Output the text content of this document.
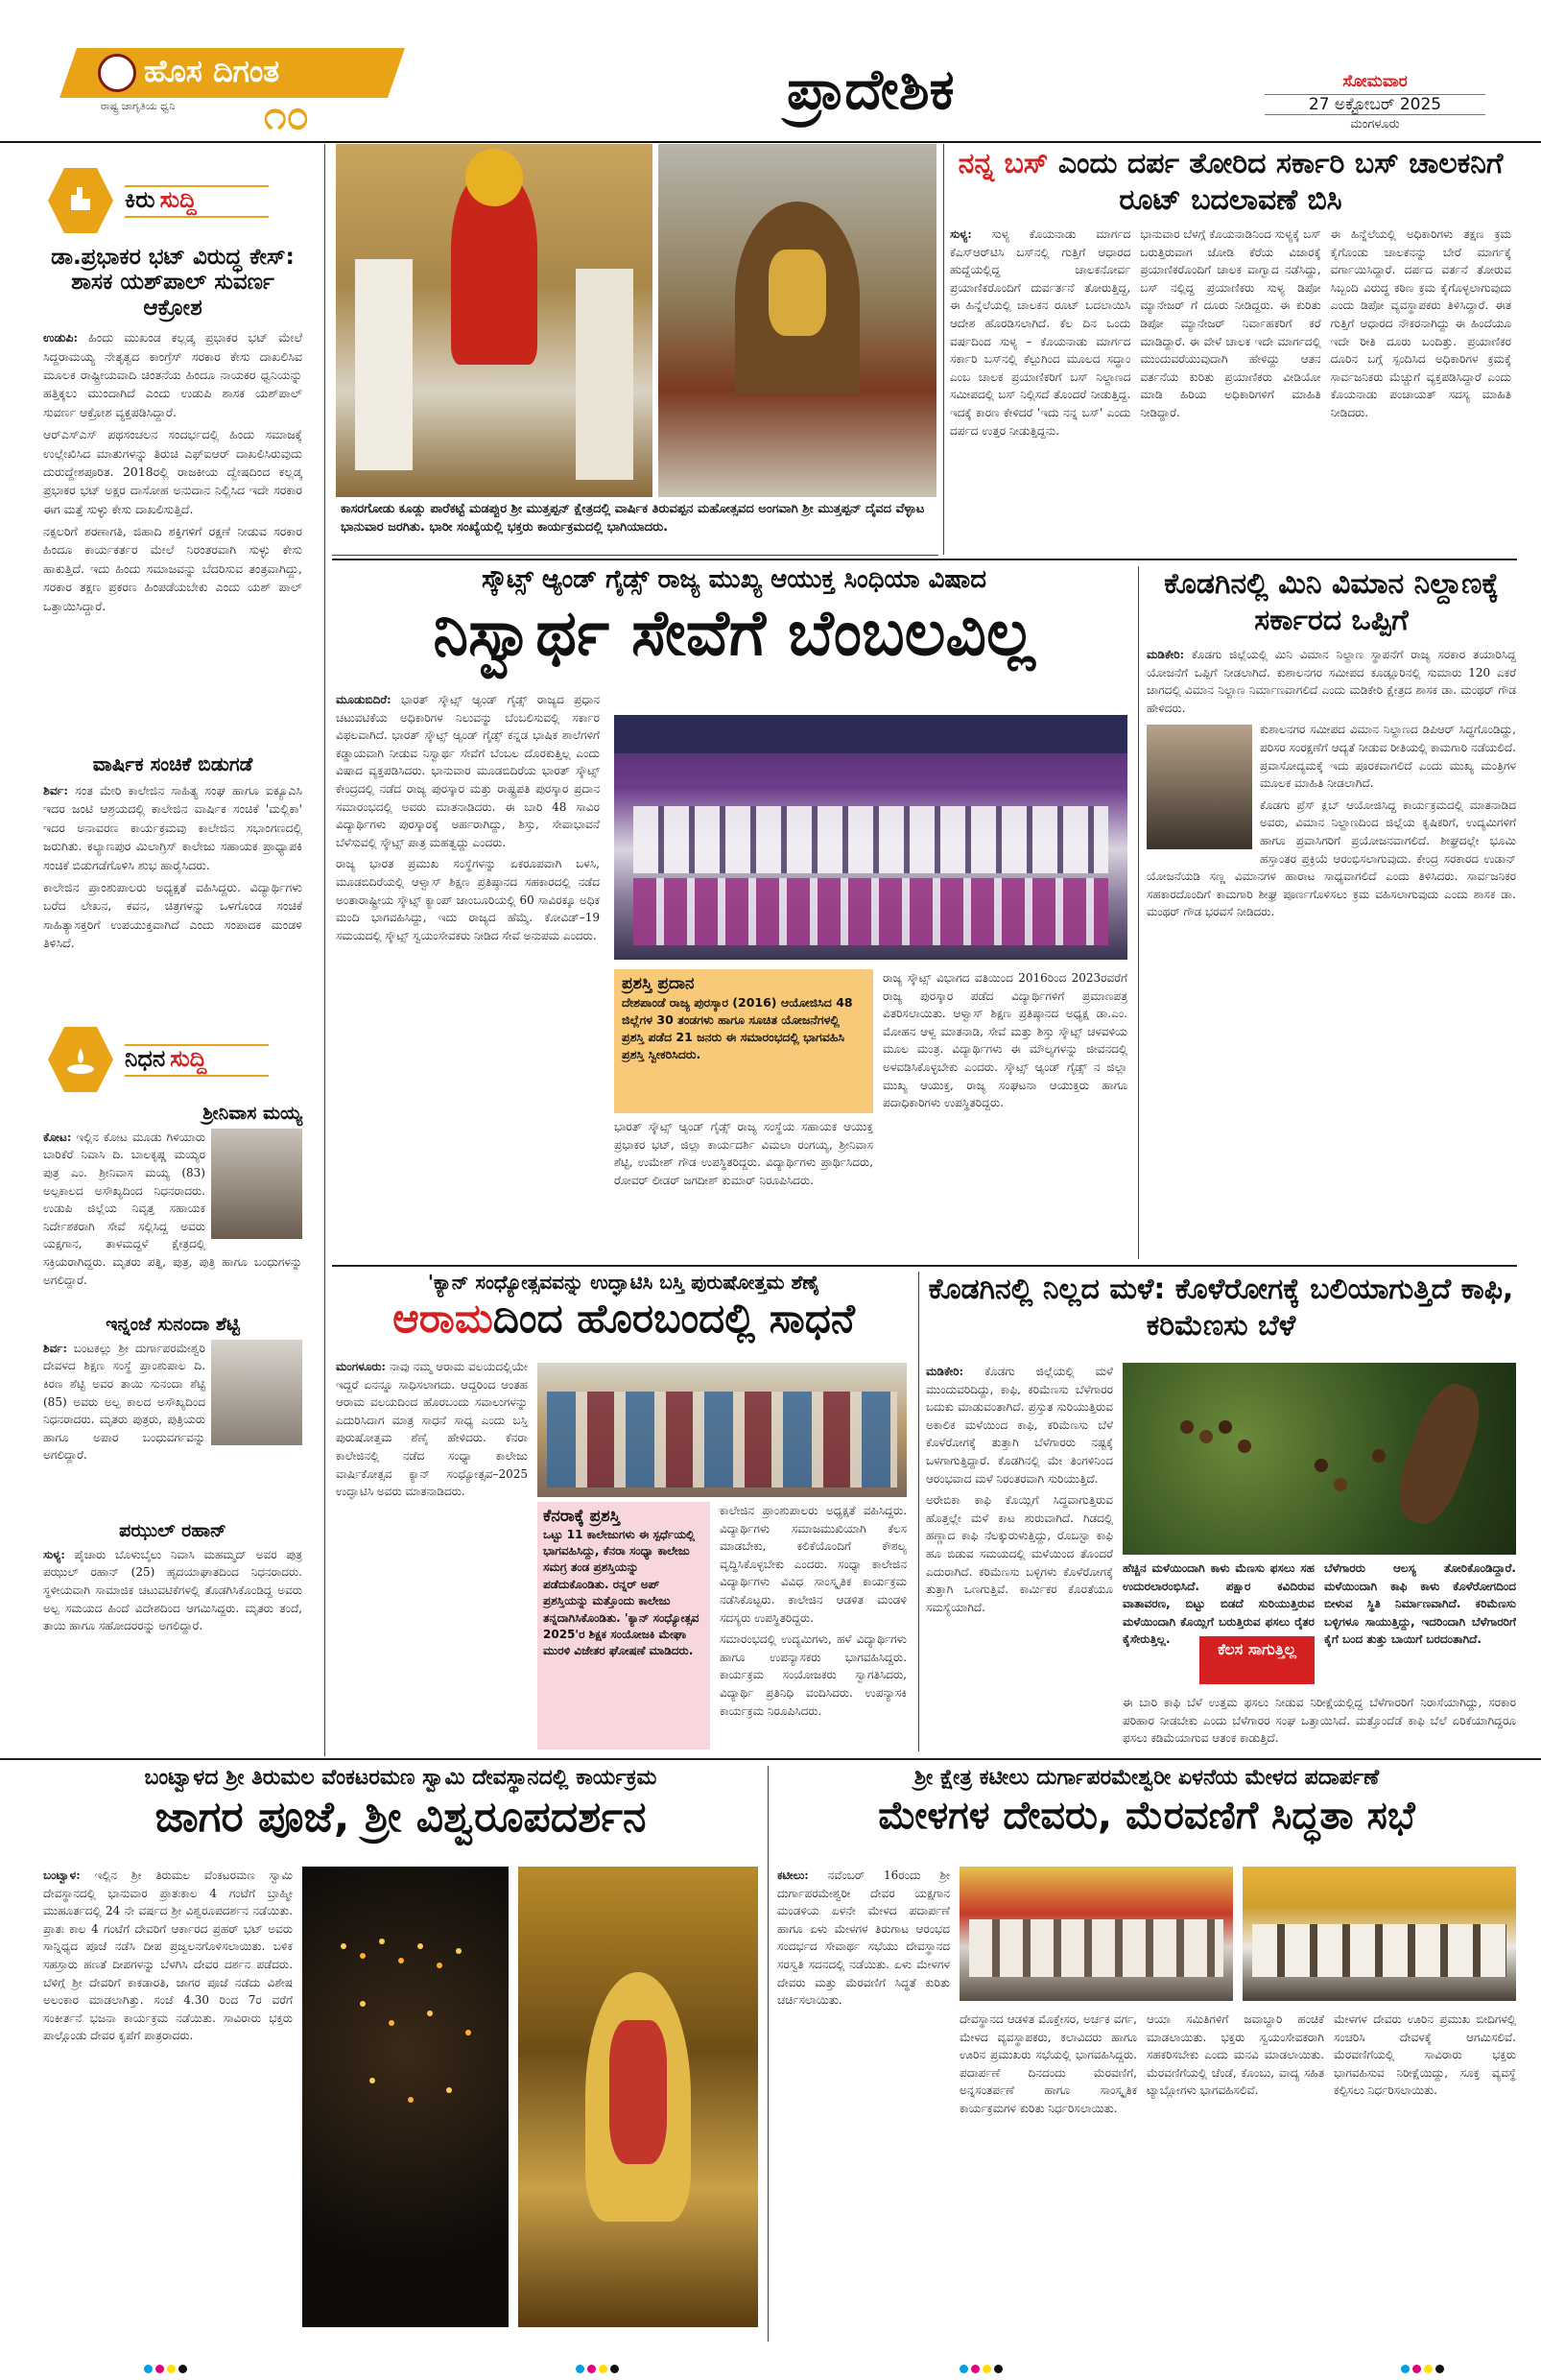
ಹೊಸ ದಿಗಂತ
ರಾಷ್ಟ್ರ ಜಾಗೃತಿಯ ಧ್ವನಿ ೧೦	ಪ್ರಾದೇಶಿಕ	ಸೋಮವಾರ
27 ಅಕ್ಟೋಬರ್ 2025
ಮಂಗಳೂರು
ಕಿರು ಸುದ್ದಿ
ಡಾ.ಪ್ರಭಾಕರ ಭಟ್ ವಿರುದ್ಧ ಕೇಸ್: ಶಾಸಕ ಯಶ್‌ಪಾಲ್ ಸುವರ್ಣ ಆಕ್ರೋಶ

ಉಡುಪಿ: ಹಿಂದು ಮುಖಂಡ ಕಲ್ಲಡ್ಕ ಪ್ರಭಾಕರ ಭಟ್ ಮೇಲೆ ಸಿದ್ದರಾಮಯ್ಯ ನೇತೃತ್ವದ ಕಾಂಗ್ರೆಸ್ ಸರಕಾರ ಕೇಸು ದಾಖಲಿಸಿವ ಮೂಲಕ ರಾಷ್ಟ್ರೀಯವಾದಿ ಚಿಂತನೆಯ ಹಿಂದೂ ನಾಯಕರ ಧ್ವನಿಯನ್ನು ಹತ್ತಿಕ್ಕಲು ಮುಂದಾಗಿದೆ ಎಂದು ಉಡುಪಿ ಶಾಸಕ ಯಶ್‌ಪಾಲ್ ಸುವರ್ಣ ಆಕ್ರೋಶ ವ್ಯಕ್ತಪಡಿಸಿದ್ದಾರೆ.

ಆರ್‌ಎಸ್‌ಎಸ್ ಪಥಸಂಚಲನ ಸಂದರ್ಭದಲ್ಲಿ ಹಿಂದು ಸಮಾಜಕ್ಕೆ ಉಲ್ಲೇಖಿಸಿದ ಮಾತುಗಳನ್ನು ತಿರುಚಿ ಎಫ್‌ಐಆರ್ ದಾಖಲಿಸಿರುವುದು ದುರುದ್ದೇಶಪೂರಿತ. 2018ರಲ್ಲಿ ರಾಜಕೀಯ ದ್ವೇಷದಿಂದ ಕಲ್ಲಡ್ಕ ಪ್ರಭಾಕರ ಭಟ್ ಅಕ್ಷರ ದಾಸೋಹ ಅನುದಾನ ನಿಲ್ಲಿಸಿದ ಇದೇ ಸರಕಾರ ಈಗ ಮತ್ತೆ ಸುಳ್ಳು ಕೇಸು ದಾಖಲಿಸುತ್ತಿದೆ.

ನಕ್ಸಲರಿಗೆ ಶರಣಾಗತಿ, ಜಿಹಾದಿ ಶಕ್ತಿಗಳಿಗೆ ರಕ್ಷಣೆ ನೀಡುವ ಸರಕಾರ ಹಿಂದೂ ಕಾರ್ಯಕರ್ತರ ಮೇಲೆ ನಿರಂತರವಾಗಿ ಸುಳ್ಳು ಕೇಸು ಹಾಕುತ್ತಿದೆ. ಇದು ಹಿಂದು ಸಮಾಜವನ್ನು ಬೆದರಿಸುವ ತಂತ್ರವಾಗಿದ್ದು, ಸರಕಾರ ತಕ್ಷಣ ಪ್ರಕರಣ ಹಿಂಪಡೆಯಬೇಕು ಎಂದು ಯಶ್ ಪಾಲ್ ಒತ್ತಾಯಿಸಿದ್ದಾರೆ.

ವಾರ್ಷಿಕ ಸಂಚಿಕೆ ಬಿಡುಗಡೆ

ಶಿರ್ವ: ಸಂತ ಮೇರಿ ಕಾಲೇಜಿನ ಸಾಹಿತ್ಯ ಸಂಘ ಹಾಗೂ ಐಕ್ಯೂಎಸಿ ಇದರ ಜಂಟಿ ಆಶ್ರಯದಲ್ಲಿ ಕಾಲೇಜಿನ ವಾರ್ಷಿಕ ಸಂಚಿಕೆ 'ಮಲ್ಲಿಕಾ' ಇದರ ಅನಾವರಣ ಕಾರ್ಯಕ್ರಮವು ಕಾಲೇಜಿನ ಸಭಾಂಗಣದಲ್ಲಿ ಜರುಗಿತು. ಕಲ್ಯಾಣಪುರ ಮಿಲಾಗ್ರಿಸ್ ಕಾಲೇಜು ಸಹಾಯಕ ಪ್ರಾಧ್ಯಾಪಕಿ ಸಂಚಿಕೆ ಬಿಡುಗಡೆಗೊಳಿಸಿ ಶುಭ ಹಾರೈಸಿದರು.

ಕಾಲೇಜಿನ ಪ್ರಾಂಶುಪಾಲರು ಅಧ್ಯಕ್ಷತೆ ವಹಿಸಿದ್ದರು. ವಿದ್ಯಾರ್ಥಿಗಳು ಬರೆದ ಲೇಖನ, ಕವನ, ಚಿತ್ರಗಳನ್ನು ಒಳಗೊಂಡ ಸಂಚಿಕೆ ಸಾಹಿತ್ಯಾಸಕ್ತರಿಗೆ ಉಪಯುಕ್ತವಾಗಿದೆ ಎಂದು ಸಂಪಾದಕ ಮಂಡಳಿ ತಿಳಿಸಿದೆ.

ನಿಧನ ಸುದ್ದಿ
ಶ್ರೀನಿವಾಸ ಮಯ್ಯ
ಕೋಟ: ಇಲ್ಲಿನ ಕೋಟ ಮೂಡು ಗಿಳಿಯಾರು ಬಾರಿಕೆರೆ ನಿವಾಸಿ ದಿ. ಬಾಲಕೃಷ್ಣ ಮಯ್ಯರ ಪುತ್ರ ಎಂ. ಶ್ರೀನಿವಾಸ ಮಯ್ಯ (83) ಅಲ್ಪಕಾಲದ ಅಸೌಖ್ಯದಿಂದ ನಿಧನರಾದರು. ಉಡುಪಿ ಜಿಲ್ಲೆಯ ನಿವೃತ್ತ ಸಹಾಯಕ ನಿರ್ದೇಶಕರಾಗಿ ಸೇವೆ ಸಲ್ಲಿಸಿದ್ದ ಅವರು ಯಕ್ಷಗಾನ, ತಾಳಮದ್ದಳೆ ಕ್ಷೇತ್ರದಲ್ಲಿ ಸಕ್ರಿಯರಾಗಿದ್ದರು. ಮೃತರು ಪತ್ನಿ, ಪುತ್ರ, ಪುತ್ರಿ ಹಾಗೂ ಬಂಧುಗಳನ್ನು ಅಗಲಿದ್ದಾರೆ.
ಇನ್ನಂಜೆ ಸುನಂದಾ ಶೆಟ್ಟಿ
ಶಿರ್ವ: ಬಂಟಕಲ್ಲು ಶ್ರೀ ದುರ್ಗಾಪರಮೇಶ್ವರಿ ದೇವಳದ ಶಿಕ್ಷಣ ಸಂಸ್ಥೆ ಪ್ರಾಂಶುಪಾಲ ದಿ. ಕಿರಣ ಶೆಟ್ಟಿ ಅವರ ತಾಯಿ ಸುನಂದಾ ಶೆಟ್ಟಿ (85) ಅವರು ಅಲ್ಪ ಕಾಲದ ಅಸೌಖ್ಯದಿಂದ ನಿಧನರಾದರು. ಮೃತರು ಪುತ್ರರು, ಪುತ್ರಿಯರು ಹಾಗೂ ಅಪಾರ ಬಂಧುವರ್ಗವನ್ನು ಅಗಲಿದ್ದಾರೆ.
ಪಝುಲ್ ರಹಾನ್
ಸುಳ್ಯ: ಪೈಚಾರು ಬೊಳುಬೈಲು ನಿವಾಸಿ ಮಹಮ್ಮದ್ ಅವರ ಪುತ್ರ ಪಝುಲ್ ರಹಾನ್ (25) ಹೃದಯಾಘಾತದಿಂದ ನಿಧನರಾದರು. ಸ್ಥಳೀಯವಾಗಿ ಸಾಮಾಜಿಕ ಚಟುವಟಿಕೆಗಳಲ್ಲಿ ತೊಡಗಿಸಿಕೊಂಡಿದ್ದ ಅವರು ಅಲ್ಪ ಸಮಯದ ಹಿಂದೆ ವಿದೇಶದಿಂದ ಆಗಮಿಸಿದ್ದರು. ಮೃತರು ತಂದೆ, ತಾಯಿ ಹಾಗೂ ಸಹೋದರರನ್ನು ಅಗಲಿದ್ದಾರೆ.
ಕಾಸರಗೋಡು ಕೂಡ್ಲು ಪಾರೆಕಟ್ಟೆ ಮಡಪ್ಪುರ ಶ್ರೀ ಮುತ್ತಪ್ಪನ್ ಕ್ಷೇತ್ರದಲ್ಲಿ ವಾರ್ಷಿಕ ತಿರುವಪ್ಪನ ಮಹೋತ್ಸವದ ಅಂಗವಾಗಿ ಶ್ರೀ ಮುತ್ತಪ್ಪನ್ ದೈವದ ವೆಳ್ಳಾಟ ಭಾನುವಾರ ಜರಗಿತು. ಭಾರೀ ಸಂಖ್ಯೆಯಲ್ಲಿ ಭಕ್ತರು ಕಾರ್ಯಕ್ರಮದಲ್ಲಿ ಭಾಗಿಯಾದರು.
ನನ್ನ ಬಸ್ ಎಂದು ದರ್ಪ ತೋರಿದ ಸರ್ಕಾರಿ ಬಸ್ ಚಾಲಕನಿಗೆ ರೂಟ್ ಬದಲಾವಣೆ ಬಿಸಿ
ಸುಳ್ಯ: ಸುಳ್ಯ ಕೊಯನಾಡು ಮಾರ್ಗದ ಕೆಎಸ್‌ಆರ್‌ಟಿಸಿ ಬಸ್‌ನಲ್ಲಿ ಗುತ್ತಿಗೆ ಆಧಾರದ ಹುದ್ದೆಯಲ್ಲಿದ್ದ ಚಾಲಕನೋರ್ವ ಪ್ರಯಾಣಿಕರೊಂದಿಗೆ ದುರ್ವರ್ತನೆ ತೋರುತ್ತಿದ್ದ, ಈ ಹಿನ್ನೆಲೆಯಲ್ಲಿ ಚಾಲಕನ ರೂಟ್ ಬದಲಾಯಿಸಿ ಆದೇಶ ಹೊರಡಿಸಲಾಗಿದೆ. ಕೆಲ ದಿನ ಒಂದು ವರ್ಷದಿಂದ ಸುಳ್ಯ – ಕೊಯನಾಡು ಮಾರ್ಗದ ಸರ್ಕಾರಿ ಬಸ್‌ನಲ್ಲಿ ಕೆಲ್ಪುಗಿಂದ ಮೂಲದ ಸದ್ಧಾಂ ಎಂಬ ಚಾಲಕ ಪ್ರಯಾಣಿಕರಿಗೆ ಬಸ್ ನಿಲ್ದಾಣದ ಸಮೀಪದಲ್ಲಿ ಬಸ್ ನಿಲ್ಲಿಸದೆ ತೊಂದರೆ ನೀಡುತ್ತಿದ್ದ. ಇದಕ್ಕೆ ಕಾರಣ ಕೇಳಿದರೆ 'ಇದು ನನ್ನ ಬಸ್' ಎಂದು ದರ್ಪದ ಉತ್ತರ ನೀಡುತ್ತಿದ್ದನು.
ಭಾನುವಾರ ಬೆಳಗ್ಗೆ ಕೊಯನಾಡಿನಿಂದ ಸುಳ್ಯಕ್ಕೆ ಬಸ್ ಬರುತ್ತಿರುವಾಗ ಜೋಡಿ ಕೆರೆಯ ವಿಜಾರಕ್ಕೆ ಪ್ರಯಾಣಿಕರೊಂದಿಗೆ ಚಾಲಕ ವಾಗ್ವಾದ ನಡೆಸಿದ್ದು, ಬಸ್ ನಲ್ಲಿದ್ದ ಪ್ರಯಾಣಿಕರು ಸುಳ್ಯ ಡಿಪೋ ಮ್ಯಾನೇಜರ್ ಗೆ ದೂರು ನೀಡಿದ್ದರು. ಈ ಕುರಿತು ಡಿಪೋ ಮ್ಯಾನೇಜರ್ ನಿರ್ವಾಹಕರಿಗೆ ಕರೆ ಮಾಡಿದ್ದಾರೆ. ಈ ವೇಳೆ ಚಾಲಕ ಇದೇ ಮಾರ್ಗದಲ್ಲಿ ಮುಂದುವರೆಯುವುದಾಗಿ ಹೇಳಿದ್ದು ಆತನ ವರ್ತನೆಯ ಕುರಿತು ಪ್ರಯಾಣಿಕರು ವೀಡಿಯೋ ಮಾಡಿ ಹಿರಿಯ ಅಧಿಕಾರಿಗಳಿಗೆ ಮಾಹಿತಿ ನೀಡಿದ್ದಾರೆ.
ಈ ಹಿನ್ನೆಲೆಯಲ್ಲಿ ಅಧಿಕಾರಿಗಳು ತಕ್ಷಣ ಕ್ರಮ ಕೈಗೊಂಡು ಚಾಲಕನನ್ನು ಬೇರೆ ಮಾರ್ಗಕ್ಕೆ ವರ್ಗಾಯಿಸಿದ್ದಾರೆ. ದರ್ಪದ ವರ್ತನೆ ತೋರುವ ಸಿಬ್ಬಂದಿ ವಿರುದ್ಧ ಕಠಿಣ ಕ್ರಮ ಕೈಗೊಳ್ಳಲಾಗುವುದು ಎಂದು ಡಿಪೋ ವ್ಯವಸ್ಥಾಪಕರು ತಿಳಿಸಿದ್ದಾರೆ. ಈತ ಗುತ್ತಿಗೆ ಆಧಾರದ ನೌಕರನಾಗಿದ್ದು ಈ ಹಿಂದೆಯೂ ಇದೇ ರೀತಿ ದೂರು ಬಂದಿತ್ತು. ಪ್ರಯಾಣಿಕರ ದೂರಿನ ಬಗ್ಗೆ ಸ್ಪಂದಿಸಿದ ಅಧಿಕಾರಿಗಳ ಕ್ರಮಕ್ಕೆ ಸಾರ್ವಜನಿಕರು ಮೆಚ್ಚುಗೆ ವ್ಯಕ್ತಪಡಿಸಿದ್ದಾರೆ ಎಂದು ಕೊಯನಾಡು ಪಂಚಾಯತ್ ಸದಸ್ಯ ಮಾಹಿತಿ ನೀಡಿದರು.
ಸ್ಕೌಟ್ಸ್ ಆ್ಯಂಡ್ ಗೈಡ್ಸ್ ರಾಜ್ಯ ಮುಖ್ಯ ಆಯುಕ್ತ ಸಿಂಧಿಯಾ ವಿಷಾದ
ನಿಸ್ವಾರ್ಥ ಸೇವೆಗೆ ಬೆಂಬಲವಿಲ್ಲ

ಮೂಡುಬಿದಿರೆ: ಭಾರತ್ ಸ್ಕೌಟ್ಸ್ ಆ್ಯಂಡ್ ಗೈಡ್ಸ್ ರಾಜ್ಯದ ಪ್ರಧಾನ ಚಟುವಟಿಕೆಯ ಅಧಿಕಾರಿಗಳ ನಿಲುವನ್ನು ಬೆಂಬಲಿಸುವಲ್ಲಿ ಸರ್ಕಾರ ವಿಫಲವಾಗಿದೆ. ಭಾರತ್ ಸ್ಕೌಟ್ಸ್ ಆ್ಯಂಡ್ ಗೈಡ್ಸ್ ಕನ್ನಡ ಭಾಷಿಕ ಶಾಲೆಗಳಿಗೆ ಕಡ್ಡಾಯವಾಗಿ ನೀಡುವ ನಿಸ್ವಾರ್ಥ ಸೇವೆಗೆ ಬೆಂಬಲ ದೊರಕುತ್ತಿಲ್ಲ ಎಂದು ವಿಷಾದ ವ್ಯಕ್ತಪಡಿಸಿದರು. ಭಾನುವಾರ ಮೂಡಬಿದಿರೆಯ ಭಾರತ್ ಸ್ಕೌಟ್ಸ್ ಕೇಂದ್ರದಲ್ಲಿ ನಡೆದ ರಾಜ್ಯ ಪುರಸ್ಕಾರ ಮತ್ತು ರಾಷ್ಟ್ರಪತಿ ಪುರಸ್ಕಾರ ಪ್ರದಾನ ಸಮಾರಂಭದಲ್ಲಿ ಅವರು ಮಾತನಾಡಿದರು. ಈ ಬಾರಿ 48 ಸಾವಿರ ವಿದ್ಯಾರ್ಥಿಗಳು ಪುರಸ್ಕಾರಕ್ಕೆ ಅರ್ಹರಾಗಿದ್ದು, ಶಿಸ್ತು, ಸೇವಾಭಾವನೆ ಬೆಳೆಸುವಲ್ಲಿ ಸ್ಕೌಟ್ಸ್ ಪಾತ್ರ ಮಹತ್ವದ್ದು ಎಂದರು.

ರಾಜ್ಯ ಭಾರತ ಪ್ರಮುಖ ಸಂಸ್ಥೆಗಳನ್ನು ಏಕರೂಪವಾಗಿ ಬಳಸಿ, ಮೂಡಬಿದಿರೆಯಲ್ಲಿ ಆಳ್ವಾಸ್ ಶಿಕ್ಷಣ ಪ್ರತಿಷ್ಠಾನದ ಸಹಕಾರದಲ್ಲಿ ನಡೆದ ಅಂತಾರಾಷ್ಟ್ರೀಯ ಸ್ಕೌಟ್ಸ್ ಕ್ಯಾಂಪ್ ಜಾಂಬೂರಿಯಲ್ಲಿ 60 ಸಾವಿರಕ್ಕೂ ಅಧಿಕ ಮಂದಿ ಭಾಗವಹಿಸಿದ್ದು, ಇದು ರಾಜ್ಯದ ಹೆಮ್ಮೆ. ಕೋವಿಡ್–19 ಸಮಯದಲ್ಲಿ ಸ್ಕೌಟ್ಸ್ ಸ್ವಯಂಸೇವಕರು ನೀಡಿದ ಸೇವೆ ಅನುಪಮ ಎಂದರು.

ಪ್ರಶಸ್ತಿ ಪ್ರದಾನ
ದೇಶಪಾಂಡೆ ರಾಜ್ಯ ಪುರಸ್ಕಾರ (2016) ಆಯೋಜಿಸಿದ 48 ಜಿಲ್ಲೆಗಳ 30 ತಂಡಗಳು ಹಾಗೂ ಸೂಚಿತ ಯೋಜನೆಗಳಲ್ಲಿ ಪ್ರಶಸ್ತಿ ಪಡೆದ 21 ಜನರು ಈ ಸಮಾರಂಭದಲ್ಲಿ ಭಾಗವಹಿಸಿ ಪ್ರಶಸ್ತಿ ಸ್ವೀಕರಿಸಿದರು.
ಭಾರತ್ ಸ್ಕೌಟ್ಸ್ ಆ್ಯಂಡ್ ಗೈಡ್ಸ್ ರಾಜ್ಯ ಸಂಸ್ಥೆಯ ಸಹಾಯಕ ಆಯುಕ್ತ ಪ್ರಭಾಕರ ಭಟ್, ಜಿಲ್ಲಾ ಕಾರ್ಯದರ್ಶಿ ವಿಮಲಾ ರಂಗಯ್ಯ, ಶ್ರೀನಿವಾಸ ಶೆಟ್ಟಿ, ಉಮೇಶ್ ಗೌಡ ಉಪಸ್ಥಿತರಿದ್ದರು. ವಿದ್ಯಾರ್ಥಿಗಳು ಪ್ರಾರ್ಥಿಸಿದರು, ರೋವರ್ ಲೀಡರ್ ಜಗದೀಶ್ ಕುಮಾರ್ ನಿರೂಪಿಸಿದರು.
ರಾಜ್ಯ ಸ್ಕೌಟ್ಸ್ ವಿಭಾಗದ ವತಿಯಿಂದ 2016ರಿಂದ 2023ರವರೆಗೆ ರಾಜ್ಯ ಪುರಸ್ಕಾರ ಪಡೆದ ವಿದ್ಯಾರ್ಥಿಗಳಿಗೆ ಪ್ರಮಾಣಪತ್ರ ವಿತರಿಸಲಾಯಿತು. ಆಳ್ವಾಸ್ ಶಿಕ್ಷಣ ಪ್ರತಿಷ್ಠಾನದ ಅಧ್ಯಕ್ಷ ಡಾ.ಎಂ. ಮೋಹನ ಆಳ್ವ ಮಾತನಾಡಿ, ಸೇವೆ ಮತ್ತು ಶಿಸ್ತು ಸ್ಕೌಟ್ಸ್ ಚಳವಳಿಯ ಮೂಲ ಮಂತ್ರ. ವಿದ್ಯಾರ್ಥಿಗಳು ಈ ಮೌಲ್ಯಗಳನ್ನು ಜೀವನದಲ್ಲಿ ಅಳವಡಿಸಿಕೊಳ್ಳಬೇಕು ಎಂದರು. ಸ್ಕೌಟ್ಸ್ ಆ್ಯಂಡ್ ಗೈಡ್ಸ್ ನ ಜಿಲ್ಲಾ ಮುಖ್ಯ ಆಯುಕ್ತ, ರಾಜ್ಯ ಸಂಘಟನಾ ಆಯುಕ್ತರು ಹಾಗೂ ಪದಾಧಿಕಾರಿಗಳು ಉಪಸ್ಥಿತರಿದ್ದರು.
ಕೊಡಗಿನಲ್ಲಿ ಮಿನಿ ವಿಮಾನ ನಿಲ್ದಾಣಕ್ಕೆ ಸರ್ಕಾರದ ಒಪ್ಪಿಗೆ

ಮಡಿಕೇರಿ: ಕೊಡಗು ಜಿಲ್ಲೆಯಲ್ಲಿ ಮಿನಿ ವಿಮಾನ ನಿಲ್ದಾಣ ಸ್ಥಾಪನೆಗೆ ರಾಜ್ಯ ಸರಕಾರ ತಯಾರಿಸಿದ್ದ ಯೋಜನೆಗೆ ಒಪ್ಪಿಗೆ ನೀಡಲಾಗಿದೆ. ಕುಶಾಲನಗರ ಸಮೀಪದ ಕೂಡ್ಲೂರಿನಲ್ಲಿ ಸುಮಾರು 120 ಎಕರೆ ಜಾಗದಲ್ಲಿ ವಿಮಾನ ನಿಲ್ದಾಣ ನಿರ್ಮಾಣವಾಗಲಿದೆ ಎಂದು ಮಡಿಕೇರಿ ಕ್ಷೇತ್ರದ ಶಾಸಕ ಡಾ. ಮಂಥರ್ ಗೌಡ ಹೇಳಿದರು.

ಕುಶಾಲನಗರ ಸಮೀಪದ ವಿಮಾನ ನಿಲ್ದಾಣದ ಡಿಪಿಆರ್ ಸಿದ್ಧಗೊಂಡಿದ್ದು, ಪರಿಸರ ಸಂರಕ್ಷಣೆಗೆ ಆದ್ಯತೆ ನೀಡುವ ರೀತಿಯಲ್ಲಿ ಕಾಮಗಾರಿ ನಡೆಯಲಿದೆ. ಪ್ರವಾಸೋದ್ಯಮಕ್ಕೆ ಇದು ಪೂರಕವಾಗಲಿದೆ ಎಂದು ಮುಖ್ಯ ಮಂತ್ರಿಗಳ ಮೂಲಕ ಮಾಹಿತಿ ನೀಡಲಾಗಿದೆ.

ಕೊಡಗು ಪ್ರೆಸ್ ಕ್ಲಬ್ ಆಯೋಜಿಸಿದ್ದ ಕಾರ್ಯಕ್ರಮದಲ್ಲಿ ಮಾತನಾಡಿದ ಅವರು, ವಿಮಾನ ನಿಲ್ದಾಣದಿಂದ ಜಿಲ್ಲೆಯ ಕೃಷಿಕರಿಗೆ, ಉದ್ಯಮಿಗಳಿಗೆ ಹಾಗೂ ಪ್ರವಾಸಿಗರಿಗೆ ಪ್ರಯೋಜನವಾಗಲಿದೆ. ಶೀಘ್ರದಲ್ಲೇ ಭೂಮಿ ಹಸ್ತಾಂತರ ಪ್ರಕ್ರಿಯೆ ಆರಂಭಿಸಲಾಗುವುದು. ಕೇಂದ್ರ ಸರಕಾರದ ಉಡಾನ್ ಯೋಜನೆಯಡಿ ಸಣ್ಣ ವಿಮಾನಗಳ ಹಾರಾಟ ಸಾಧ್ಯವಾಗಲಿದೆ ಎಂದು ತಿಳಿಸಿದರು. ಸಾರ್ವಜನಿಕರ ಸಹಕಾರದೊಂದಿಗೆ ಕಾಮಗಾರಿ ಶೀಘ್ರ ಪೂರ್ಣಗೊಳಿಸಲು ಕ್ರಮ ವಹಿಸಲಾಗುವುದು ಎಂದು ಶಾಸಕ ಡಾ. ಮಂಥರ್ ಗೌಡ ಭರವಸೆ ನೀಡಿದರು.

'ಕ್ಯಾನ್ ಸಂಧ್ಯೋತ್ಸವವನ್ನು ಉದ್ಘಾಟಿಸಿ ಬಸ್ತಿ ಪುರುಷೋತ್ತಮ ಶೆಣೈ
ಆರಾಮದಿಂದ ಹೊರಬಂದಲ್ಲಿ ಸಾಧನೆ
ಮಂಗಳೂರು: ನಾವು ನಮ್ಮ ಆರಾಮ ವಲಯದಲ್ಲಿಯೇ ಇದ್ದರೆ ಏನನ್ನೂ ಸಾಧಿಸಲಾಗದು. ಆದ್ದರಿಂದ ಆಂತಹ ಆರಾಮ ವಲಯದಿಂದ ಹೊರಬಂದು ಸವಾಲುಗಳನ್ನು ಎದುರಿಸಿದಾಗ ಮಾತ್ರ ಸಾಧನೆ ಸಾಧ್ಯ ಎಂದು ಬಸ್ತಿ ಪುರುಷೋತ್ತಮ ಶೆಣೈ ಹೇಳಿದರು. ಕೆನರಾ ಕಾಲೇಜಿನಲ್ಲಿ ನಡೆದ ಸಂಧ್ಯಾ ಕಾಲೇಜು ವಾರ್ಷಿಕೋತ್ಸವ ಕ್ಯಾನ್ ಸಂಧ್ಯೋತ್ಸವ–2025 ಉದ್ಘಾಟಿಸಿ ಅವರು ಮಾತನಾಡಿದರು.
ಕೆನರಾಕ್ಕೆ ಪ್ರಶಸ್ತಿ
ಒಟ್ಟು 11 ಕಾಲೇಜುಗಳು ಈ ಸ್ಪರ್ಧೆಯಲ್ಲಿ ಭಾಗವಹಿಸಿದ್ದು, ಕೆನರಾ ಸಂಧ್ಯಾ ಕಾಲೇಜು ಸಮಗ್ರ ತಂಡ ಪ್ರಶಸ್ತಿಯನ್ನು ಪಡೆದುಕೊಂಡಿತು. ರನ್ನರ್ ಅಪ್ ಪ್ರಶಸ್ತಿಯನ್ನು ಮತ್ತೊಂದು ಕಾಲೇಜು ತನ್ನದಾಗಿಸಿಕೊಂಡಿತು. 'ಕ್ಯಾನ್ ಸಂಧ್ಯೋತ್ಸವ 2025'ರ ಶಿಕ್ಷಕ ಸಂಯೋಜಕಿ ಮೇಘಾ ಮುರಳಿ ವಿಜೇತರ ಘೋಷಣೆ ಮಾಡಿದರು.

ಕಾಲೇಜಿನ ಪ್ರಾಂಶುಪಾಲರು ಅಧ್ಯಕ್ಷತೆ ವಹಿಸಿದ್ದರು. ವಿದ್ಯಾರ್ಥಿಗಳು ಸಮಾಜಮುಖಿಯಾಗಿ ಕೆಲಸ ಮಾಡಬೇಕು, ಕಲಿಕೆಯೊಂದಿಗೆ ಕೌಶಲ್ಯ ವೃದ್ಧಿಸಿಕೊಳ್ಳಬೇಕು ಎಂದರು. ಸಂಧ್ಯಾ ಕಾಲೇಜಿನ ವಿದ್ಯಾರ್ಥಿಗಳು ವಿವಿಧ ಸಾಂಸ್ಕೃತಿಕ ಕಾರ್ಯಕ್ರಮ ನಡೆಸಿಕೊಟ್ಟರು. ಕಾಲೇಜಿನ ಆಡಳಿತ ಮಂಡಳಿ ಸದಸ್ಯರು ಉಪಸ್ಥಿತರಿದ್ದರು.

ಸಮಾರಂಭದಲ್ಲಿ ಉದ್ಯಮಿಗಳು, ಹಳೆ ವಿದ್ಯಾರ್ಥಿಗಳು ಹಾಗೂ ಉಪನ್ಯಾಸಕರು ಭಾಗವಹಿಸಿದ್ದರು. ಕಾರ್ಯಕ್ರಮ ಸಂಯೋಜಕರು ಸ್ವಾಗತಿಸಿದರು, ವಿದ್ಯಾರ್ಥಿ ಪ್ರತಿನಿಧಿ ವಂದಿಸಿದರು. ಉಪನ್ಯಾಸಕಿ ಕಾರ್ಯಕ್ರಮ ನಿರೂಪಿಸಿದರು.

ಕೊಡಗಿನಲ್ಲಿ ನಿಲ್ಲದ ಮಳೆ: ಕೊಳೆರೋಗಕ್ಕೆ ಬಲಿಯಾಗುತ್ತಿದೆ ಕಾಫಿ, ಕರಿಮೆಣಸು ಬೆಳೆ

ಮಡಿಕೇರಿ: ಕೊಡಗು ಜಿಲ್ಲೆಯಲ್ಲಿ ಮಳೆ ಮುಂದುವರಿದಿದ್ದು, ಕಾಫಿ, ಕರಿಮೆಣಸು ಬೆಳೆಗಾರರ ಬದುಕು ಮಾಡುವಂತಾಗಿದೆ. ಪ್ರಸ್ತುತ ಸುರಿಯುತ್ತಿರುವ ಅಕಾಲಿಕ ಮಳೆಯಿಂದ ಕಾಫಿ, ಕರಿಮೆಣಸು ಬೆಳೆ ಕೊಳೆರೋಗಕ್ಕೆ ತುತ್ತಾಗಿ ಬೆಳೆಗಾರರು ನಷ್ಟಕ್ಕೆ ಒಳಗಾಗುತ್ತಿದ್ದಾರೆ. ಕೊಡಗಿನಲ್ಲಿ ಮೇ ತಿಂಗಳಿನಿಂದ ಆರಂಭವಾದ ಮಳೆ ನಿರಂತರವಾಗಿ ಸುರಿಯುತ್ತಿದೆ.

ಅರೇಬಿಕಾ ಕಾಫಿ ಕೊಯ್ಲಿಗೆ ಸಿದ್ಧವಾಗುತ್ತಿರುವ ಹೊತ್ತಲ್ಲೇ ಮಳೆ ಕಾಟ ಶುರುವಾಗಿದೆ. ಗಿಡದಲ್ಲಿ ಹಣ್ಣಾದ ಕಾಫಿ ನೆಲಕ್ಕುರುಳುತ್ತಿದ್ದು, ರೊಬಸ್ಟಾ ಕಾಫಿ ಹೂ ಬಿಡುವ ಸಮಯದಲ್ಲಿ ಮಳೆಯಿಂದ ತೊಂದರೆ ಎದುರಾಗಿದೆ. ಕರಿಮೆಣಸು ಬಳ್ಳಿಗಳು ಕೊಳೆರೋಗಕ್ಕೆ ತುತ್ತಾಗಿ ಒಣಗುತ್ತಿವೆ. ಕಾರ್ಮಿಕರ ಕೊರತೆಯೂ ಸಮಸ್ಯೆಯಾಗಿದೆ.

ಹೆಚ್ಚಿನ ಮಳೆಯಿಂದಾಗಿ ಕಾಳು ಮೆಣಸು ಫಸಲು ಸಹ ಉದುರಲಾರಂಭಿಸಿದೆ. ಪಕ್ಷಾರ ಕವಿದಿರುವ ವಾತಾವರಣ, ಬಿಟ್ಟು ಬಿಡದೆ ಸುರಿಯುತ್ತಿರುವ ಮಳೆಯಿಂದಾಗಿ ಕೊಯ್ಲಿಗೆ ಬರುತ್ತಿರುವ ಫಸಲು ರೈತರ ಕೈಸೇರುತ್ತಿಲ್ಲ.
ಕೆಲಸ ಸಾಗುತ್ತಿಲ್ಲ
ಬೆಳೆಗಾರರು ಆಲಸ್ಯ ತೋರಿಕೊಂಡಿದ್ದಾರೆ. ಮಳೆಯಿಂದಾಗಿ ಕಾಫಿ ಕಾಳು ಕೊಳೆರೋಗದಿಂದ ಬೀಳುವ ಸ್ಥಿತಿ ನಿರ್ಮಾಣವಾಗಿದೆ. ಕರಿಮೆಣಸು ಬಳ್ಳಿಗಳೂ ಸಾಯುತ್ತಿದ್ದು, ಇದರಿಂದಾಗಿ ಬೆಳೆಗಾರರಿಗೆ ಕೈಗೆ ಬಂದ ತುತ್ತು ಬಾಯಿಗೆ ಬರದಂತಾಗಿದೆ.
ಈ ಬಾರಿ ಕಾಫಿ ಬೆಳೆ ಉತ್ತಮ ಫಸಲು ನೀಡುವ ನಿರೀಕ್ಷೆಯಲ್ಲಿದ್ದ ಬೆಳೆಗಾರರಿಗೆ ನಿರಾಸೆಯಾಗಿದ್ದು, ಸರಕಾರ ಪರಿಹಾರ ನೀಡಬೇಕು ಎಂದು ಬೆಳೆಗಾರರ ಸಂಘ ಒತ್ತಾಯಿಸಿದೆ. ಮತ್ತೊಂದೆಡೆ ಕಾಫಿ ಬೆಲೆ ಏರಿಕೆಯಾಗಿದ್ದರೂ ಫಸಲು ಕಡಿಮೆಯಾಗುವ ಆತಂಕ ಕಾಡುತ್ತಿದೆ.
ಬಂಟ್ವಾಳದ ಶ್ರೀ ತಿರುಮಲ ವೆಂಕಟರಮಣ ಸ್ವಾಮಿ ದೇವಸ್ಥಾನದಲ್ಲಿ ಕಾರ್ಯಕ್ರಮ
ಜಾಗರ ಪೂಜೆ, ಶ್ರೀ ವಿಶ್ವರೂಪದರ್ಶನ
ಬಂಟ್ವಾಳ: ಇಲ್ಲಿನ ಶ್ರೀ ತಿರುಮಲ ವೆಂಕಟರಮಣ ಸ್ವಾಮಿ ದೇವಸ್ಥಾನದಲ್ಲಿ ಭಾನುವಾರ ಪ್ರಾತಃಕಾಲ 4 ಗಂಟೆಗೆ ಬ್ರಾಹ್ಮೀ ಮುಹೂರ್ತದಲ್ಲಿ 24 ನೇ ವರ್ಷದ ಶ್ರೀ ವಿಶ್ವರೂಪದರ್ಶನ ನಡೆಯಿತು. ಪ್ರಾತಃ ಕಾಲ 4 ಗಂಟೆಗೆ ದೇವರಿಗೆ ಆರ್ಕಾರದ ಪ್ರಹರ್ ಭಟ್ ಅವರು ಸಾನ್ನಿಧ್ಯದ ಪೂಜೆ ನಡೆಸಿ ದೀಪ ಪ್ರಜ್ವಲನಗೊಳಿಸಲಾಯಿತು. ಬಳಿಕ ಸಹಸ್ರಾರು ಹಣತೆ ದೀಪಗಳನ್ನು ಬೆಳಗಿಸಿ ದೇವರ ದರ್ಶನ ಪಡೆದರು. ಬೆಳಿಗ್ಗೆ ಶ್ರೀ ದೇವರಿಗೆ ಕಾಕಡಾರತಿ, ಜಾಗರ ಪೂಜೆ ನಡೆದು ವಿಶೇಷ ಅಲಂಕಾರ ಮಾಡಲಾಗಿತ್ತು. ಸಂಜೆ 4.30 ರಿಂದ 7ರ ವರೆಗೆ ಸಂಕೀರ್ತನೆ ಭಜನಾ ಕಾರ್ಯಕ್ರಮ ನಡೆಯಿತು. ಸಾವಿರಾರು ಭಕ್ತರು ಪಾಲ್ಗೊಂಡು ದೇವರ ಕೃಪೆಗೆ ಪಾತ್ರರಾದರು.
ಶ್ರೀ ಕ್ಷೇತ್ರ ಕಟೀಲು ದುರ್ಗಾಪರಮೇಶ್ವರೀ ಏಳನೆಯ ಮೇಳದ ಪದಾರ್ಪಣೆ
ಮೇಳಗಳ ದೇವರು, ಮೆರವಣಿಗೆ ಸಿದ್ಧತಾ ಸಭೆ
ಕಟೀಲು: ನವೆಂಬರ್ 16ರಂದು ಶ್ರೀ ದುರ್ಗಾಪರಮೇಶ್ವರೀ ದೇವರ ಯಕ್ಷಗಾನ ಮಂಡಳಿಯ ಏಳನೇ ಮೇಳದ ಪದಾರ್ಪಣೆ ಹಾಗೂ ಏಳು ಮೇಳಗಳ ತಿರುಗಾಟ ಆರಂಭದ ಸಂದರ್ಭದ ಸೇವಾರ್ಥ ಸಭೆಯು ದೇವಸ್ಥಾನದ ಸರಸ್ವತಿ ಸದನದಲ್ಲಿ ನಡೆಯಿತು. ಏಳು ಮೇಳಗಳ ದೇವರು ಮತ್ತು ಮೆರವಣಿಗೆ ಸಿದ್ಧತೆ ಕುರಿತು ಚರ್ಚಿಸಲಾಯಿತು.
ದೇವಸ್ಥಾನದ ಆಡಳಿತ ಮೊಕ್ತೇಸರ, ಅರ್ಚಕ ವರ್ಗ, ಮೇಳದ ವ್ಯವಸ್ಥಾಪಕರು, ಕಲಾವಿದರು ಹಾಗೂ ಊರಿನ ಪ್ರಮುಖರು ಸಭೆಯಲ್ಲಿ ಭಾಗವಹಿಸಿದ್ದರು. ಪದಾರ್ಪಣೆ ದಿನದಂದು ಮೆರವಣಿಗೆ, ಅನ್ನಸಂತರ್ಪಣೆ ಹಾಗೂ ಸಾಂಸ್ಕೃತಿಕ ಕಾರ್ಯಕ್ರಮಗಳ ಕುರಿತು ನಿರ್ಧರಿಸಲಾಯಿತು.
ಆಯಾ ಸಮಿತಿಗಳಿಗೆ ಜವಾಬ್ದಾರಿ ಹಂಚಿಕೆ ಮಾಡಲಾಯಿತು. ಭಕ್ತರು ಸ್ವಯಂಸೇವಕರಾಗಿ ಸಹಕರಿಸಬೇಕು ಎಂದು ಮನವಿ ಮಾಡಲಾಯಿತು. ಮೆರವಣಿಗೆಯಲ್ಲಿ ಚೆಂಡೆ, ಕೊಂಬು, ವಾದ್ಯ ಸಹಿತ ಟ್ಯಾಬ್ಲೋಗಳು ಭಾಗವಹಿಸಲಿವೆ.
ಮೇಳಗಳ ದೇವರು ಊರಿನ ಪ್ರಮುಖ ಬೀದಿಗಳಲ್ಲಿ ಸಂಚರಿಸಿ ದೇವಳಕ್ಕೆ ಆಗಮಿಸಲಿವೆ. ಮೆರವಣಿಗೆಯಲ್ಲಿ ಸಾವಿರಾರು ಭಕ್ತರು ಭಾಗವಹಿಸುವ ನಿರೀಕ್ಷೆಯಿದ್ದು, ಸೂಕ್ತ ವ್ಯವಸ್ಥೆ ಕಲ್ಪಿಸಲು ನಿರ್ಧರಿಸಲಾಯಿತು.
